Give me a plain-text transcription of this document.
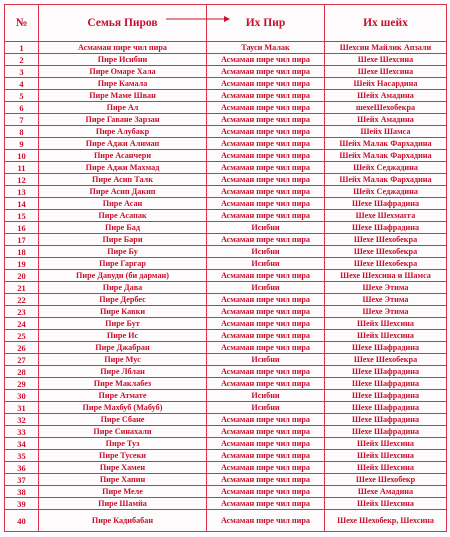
№	Семья Пиров	Их Пир	Их шейх
1	Асмаман пире чил пира	Тауси Малак	Шехсин Майлик Апзали
2	Пире Исибни	Асмаман пире чил пира	Шехе Шехсина
3	Пире Омаре Хала	Асмаман пире чил пира	Шехе Шехсина
4	Пире Камала	Асмаман пире чил пира	Шейх Насардина
5	Пире Маме Шван	Асмаман пире чил пира	Шейх Амадина
6	Пире Ал	Асмаман пире чил пира	шехеШехобекра
7	Пире Гаване Зарзан	Асмаман пире чил пира	Шейх Амадина
8	Пире Алубакр	Асмаман пире чил пира	Шейх Шамса
9	Пире Аджи Алимап	Асмаман пире чил пира	Шейх Малак Фархадина
10	Пире Асанчери	Асмаман пире чил пира	Шейх Малак Фархадина
11	Пире Аджи Махмад	Асмаман пире чил пира	Шейх Седжадина
12	Пире Асип Талк	Асмаман пире чил пира	Шейх Малак Фархадина
13	Пире Асип Дакип	Асмаман пире чил пира	Шейх Седжадина
14	Пире Асан	Асмаман пире чил пира	Шехе Шафрадина
15	Пире Асапак	Асмаман пире чил пира	Шехе Шехмагга
16	Пире Бад	Исибни	Шехе Шафрадина
17	Пире Бари	Асмаман пире чил пира	Шехе Шехобекра
18	Пире Бу	Исибни	Шехе Шехобекра
19	Пире Гаргар	Исибни	Шехе Шехобекра
20	Пире Давуди (би дарман)	Асмаман пире чил пира	Шехе Шехсина и Шамса
21	Пире Дава	Исибни	Шехе Этима
22	Пире Дербес	Асмаман пире чил пира	Шехе Этима
23	Пире Кавки	Асмаман пире чил пира	Шехе Этима
24	Пире Бут	Асмаман пире чил пира	Шейх Шехсина
25	Пире Ис	Асмаман пире чил пира	Шейх Шехсина
26	Пире Джабран	Асмаман пире чил пира	Шехе Шафрадина
27	Пире Мус	Исибни	Шехе Шехобекра
28	Пире Лблан	Асмаман пире чил пира	Шехе Шафрадина
29	Пире Маклабез	Асмаман пире чил пира	Шехе Шафрадина
30	Пире Атмате	Исибни	Шехе Шафрадина
31	Пире Махбуб (Мабуб)	Исибни	Шехе Шафрадина
32	Пире Сбане	Асмаман пире чил пира	Шехе Шафрадина
33	Пире Синахали	Асмаман пире чил пира	Шехе Шафрадина
34	Пире Туз	Асмаман пире чил пира	Шейх Шехсина
35	Пире Тусеки	Асмаман пире чил пира	Шейх Шехсина
36	Пире Хамен	Асмаман пире чил пира	Шейх Шехсина
37	Пире Хапин	Асмаман пире чил пира	Шехе Шехобекр
38	Пире Меле	Асмаман пире чил пира	Шехе Амадина
39	Пире Шамйа	Асмаман пире чил пира	Шейх Шехсина
40	Пире Кадибабан	Асмаман пире чил пира	Шехе Шехобекр, Шехсина
